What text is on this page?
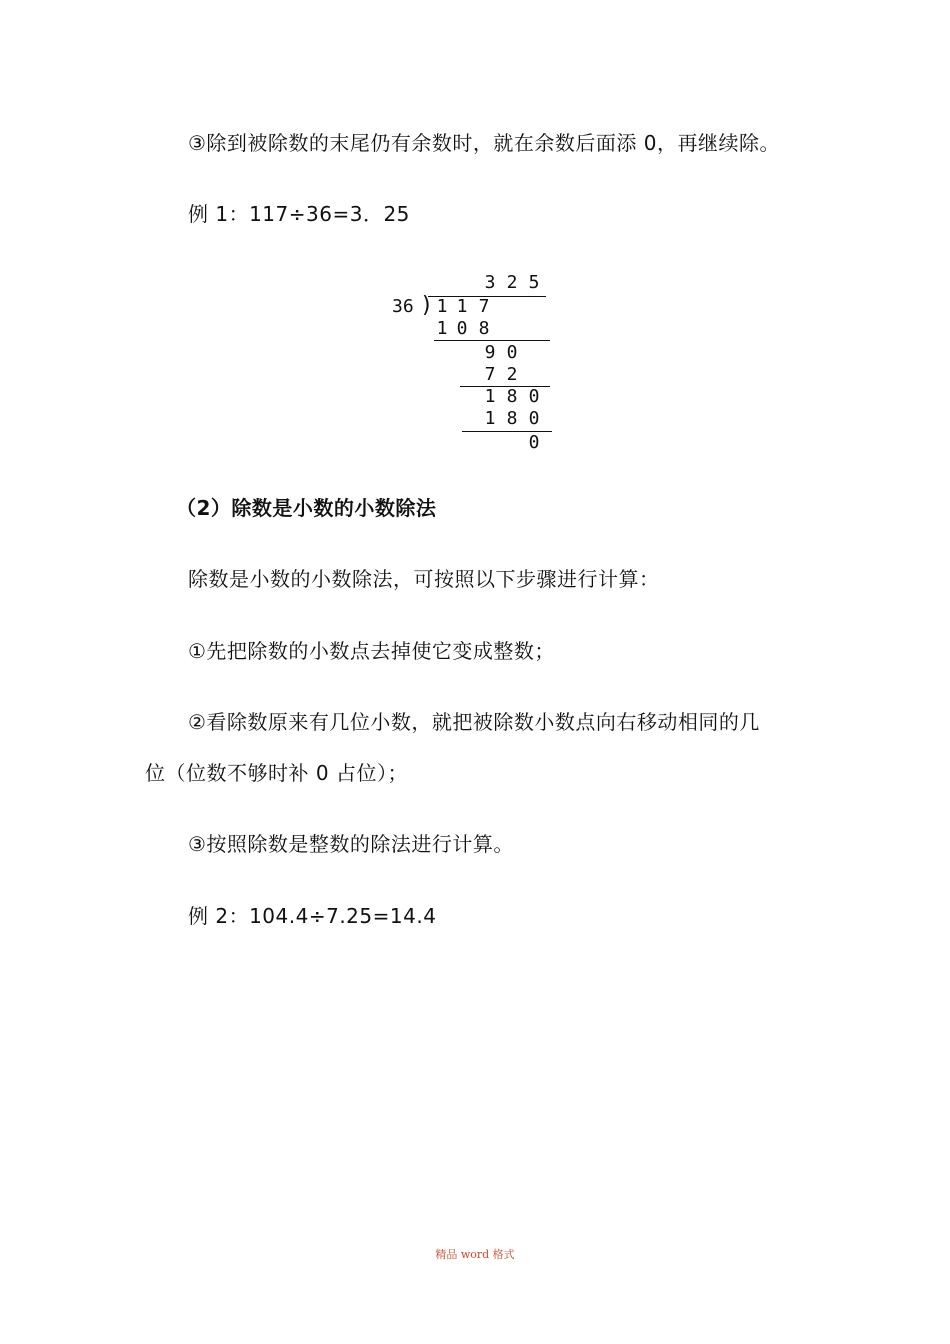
③除到被除数的末尾仍有余数时，就在余数后面添 0，再继续除。
例 1：117÷36=3．25
3 2 5
36 ) 1 1 7
1 0 8
9 0
7 2
1 8 0
1 8 0
0
（2）除数是小数的小数除法
除数是小数的小数除法，可按照以下步骤进行计算：
①先把除数的小数点去掉使它变成整数；
②看除数原来有几位小数，就把被除数小数点向右移动相同的几
位（位数不够时补 0 占位）；
③按照除数是整数的除法进行计算。
例 2：104.4÷7.25=14.4
精品 word 格式
